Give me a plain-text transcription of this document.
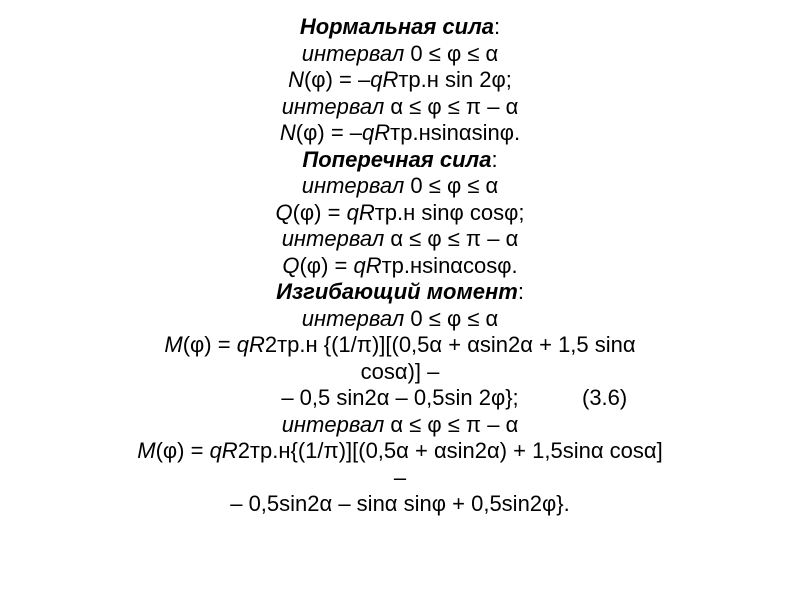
Нормальная сила:
интервал 0 ≤ φ ≤ α
N(φ) = –qRтр.н sin 2φ;
интервал α ≤ φ ≤ π – α
N(φ) = –qRтр.нsinαsinφ.
Поперечная сила:
интервал 0 ≤ φ ≤ α
Q(φ) = qRтр.н sinφ cosφ;
интервал α ≤ φ ≤ π – α
Q(φ) = qRтр.нsinαcosφ.
Изгибающий момент:
интервал 0 ≤ φ ≤ α
M(φ) = qR2тр.н {(1/π)][(0,5α + αsin2α + 1,5 sinα
cosα)] –
– 0,5 sin2α – 0,5sin 2φ};	(3.6)
интервал α ≤ φ ≤ π – α
M(φ) = qR2тр.н{(1/π)][(0,5α + αsin2α) + 1,5sinα cosα]
–
– 0,5sin2α – sinα sinφ + 0,5sin2φ}.
